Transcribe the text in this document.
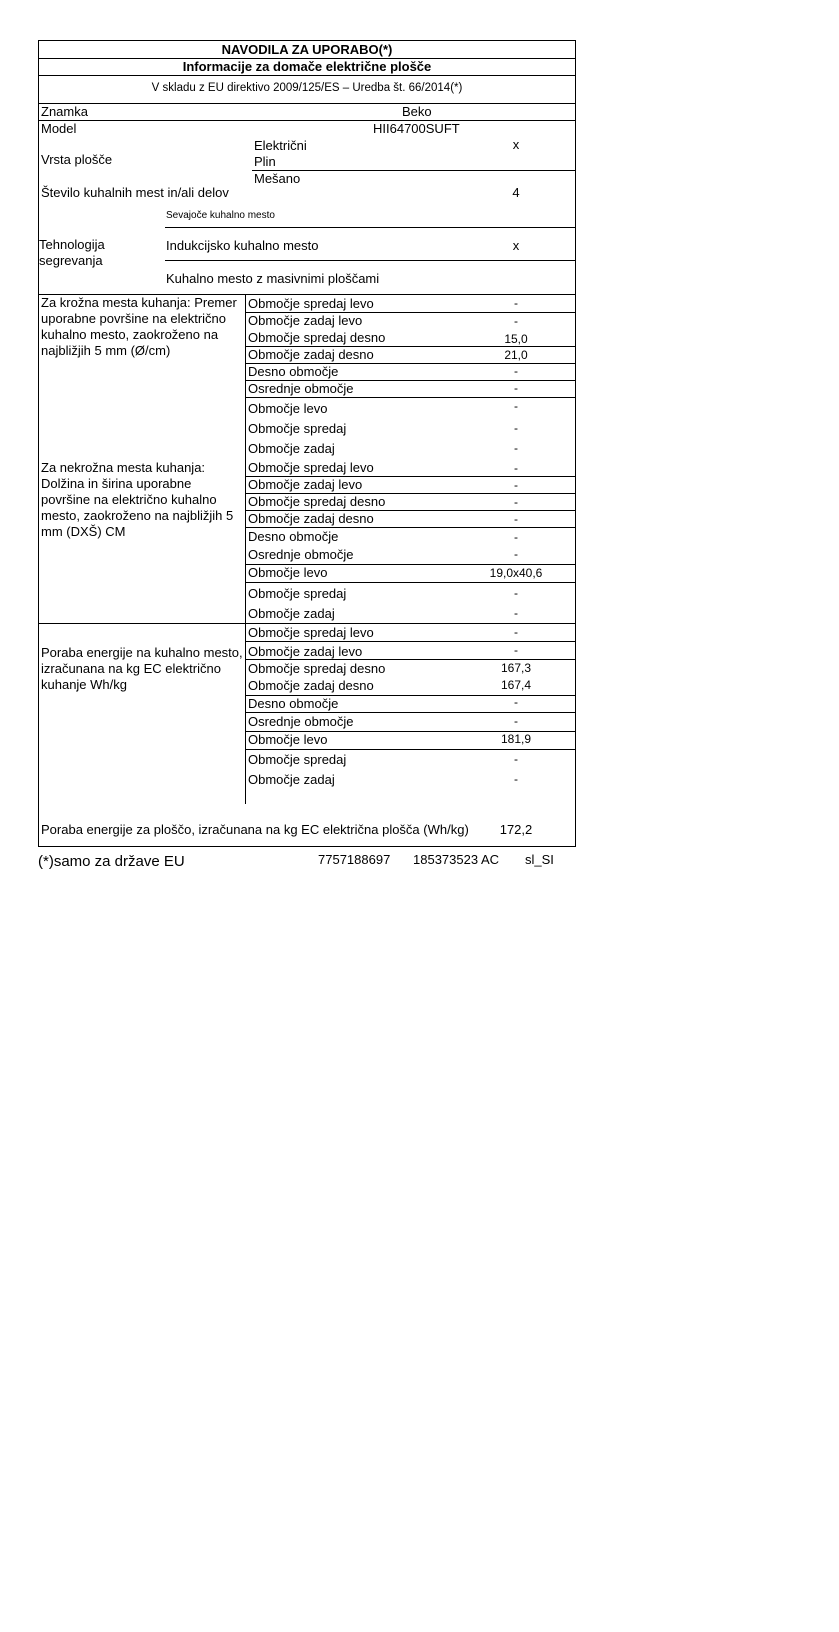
NAVODILA ZA UPORABO(*)
Informacije za domače električne plošče
V skladu z EU direktivo 2009/125/ES – Uredba št. 66/2014(*)
Znamka	Beko
Model	HII64700SUFT
Vrsta plošče
Električni	x
Plin
Mešano
Število kuhalnih mest in/ali delov	4
Tehnologija segrevanja
Sevajoče kuhalno mesto
Indukcijsko kuhalno mesto	x
Kuhalno mesto z masivnimi ploščami
Za krožna mesta kuhanja: Premer uporabne površine na električno kuhalno mesto, zaokroženo na najbližjih 5 mm (Ø/cm)
Območje spredaj levo	-
Območje zadaj levo	-
Območje spredaj desno	15,0
Območje zadaj desno	21,0
Desno območje	-
Osrednje območje	-
Območje levo	-
Območje spredaj	-
Območje zadaj	-
Za nekrožna mesta kuhanja: Dolžina in širina uporabne površine na električno kuhalno mesto, zaokroženo na najbližjih 5 mm (DXŠ) CM
Območje spredaj levo	-
Območje zadaj levo	-
Območje spredaj desno	-
Območje zadaj desno	-
Desno območje	-
Osrednje območje	-
Območje levo	19,0x40,6
Območje spredaj	-
Območje zadaj	-
Poraba energije na kuhalno mesto, izračunana na kg EC električno kuhanje Wh/kg
Območje spredaj levo	-
Območje zadaj levo	-
Območje spredaj desno	167,3
Območje zadaj desno	167,4
Desno območje	-
Osrednje območje	-
Območje levo	181,9
Območje spredaj	-
Območje zadaj	-
Poraba energije za ploščo, izračunana na kg EC električna plošča (Wh/kg)	172,2
(*)samo za države EU	7757188697 185373523 AC sl_SI
